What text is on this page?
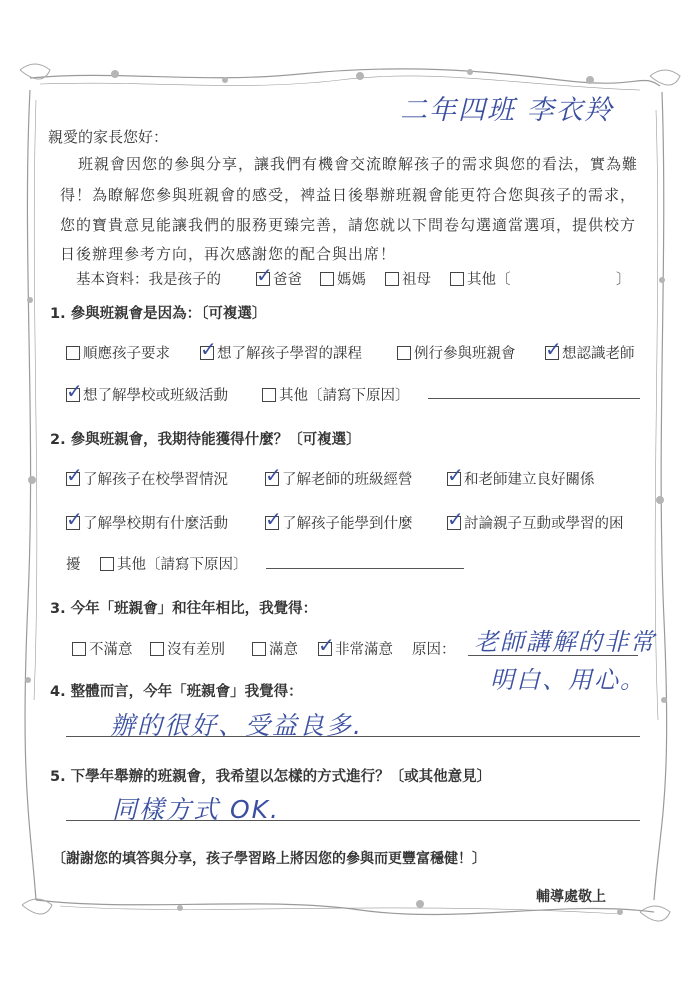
二年四班 李衣羚
親愛的家長您好：
班親會因您的參與分享，讓我們有機會交流瞭解孩子的需求與您的看法，實為難
得！為瞭解您參與班親會的感受，裨益日後舉辦班親會能更符合您與孩子的需求，
您的寶貴意見能讓我們的服務更臻完善，請您就以下問卷勾選適當選項，提供校方
日後辦理參考方向，再次感謝您的配合與出席！
基本資料：我是孩子的 ✓ 爸爸 媽媽 祖母 其他〔	〕
1. 參與班親會是因為：〔可複選〕
順應孩子要求 ✓ 想了解孩子學習的課程	例行參與班親會 ✓ 想認識老師
✓ 想了解學校或班級活動	其他〔請寫下原因〕
2. 參與班親會，我期待能獲得什麼？〔可複選〕
✓ 了解孩子在校學習情況 ✓ 了解老師的班級經營 ✓ 和老師建立良好關係
✓ 了解學校期有什麼活動 ✓ 了解孩子能學到什麼 ✓ 討論親子互動或學習的困
擾	其他〔請寫下原因〕
3. 今年「班親會」和往年相比，我覺得：
不滿意 沒有差別	滿意 ✓ 非常滿意 原因： 老師講解的非常
明白、用心。
4. 整體而言，今年「班親會」我覺得：
辦的很好、受益良多.
5. 下學年舉辦的班親會，我希望以怎樣的方式進行？〔或其他意見〕
同樣方式 OK.
〔謝謝您的填答與分享，孩子學習路上將因您的參與而更豐富穩健！〕
輔導處敬上
